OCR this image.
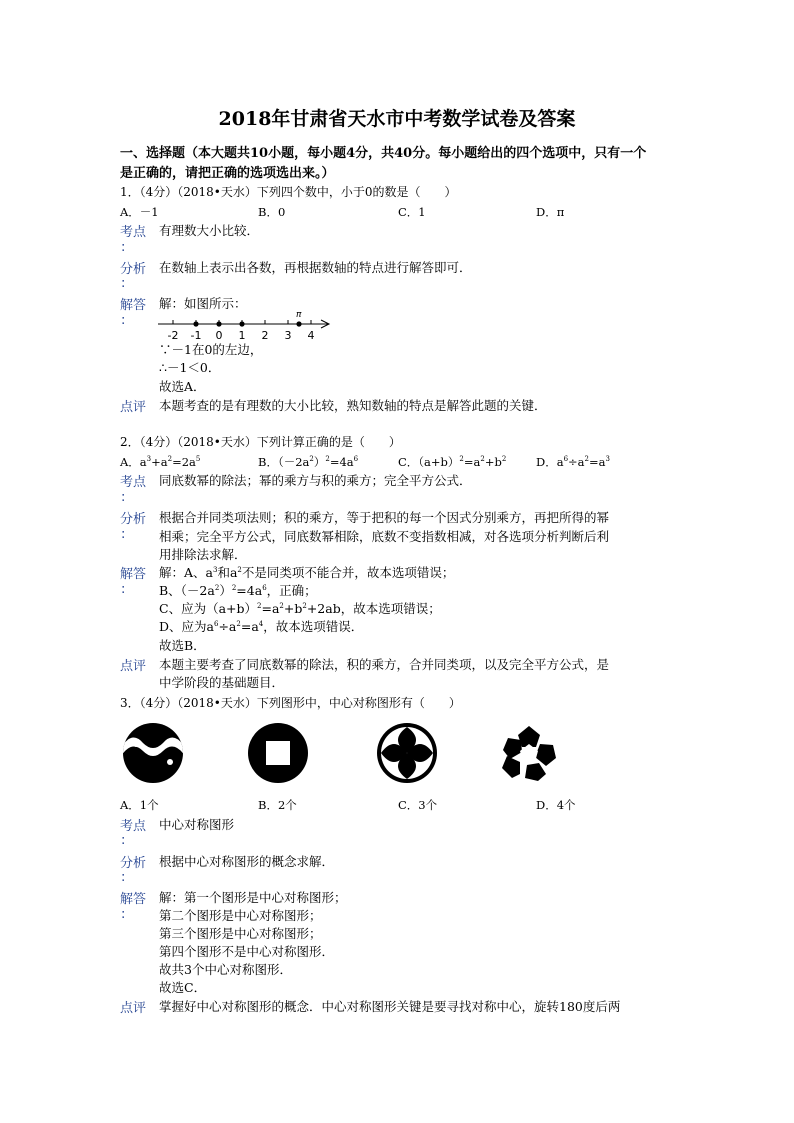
2018年甘肃省天水市中考数学试卷及答案
一、选择题（本大题共10小题，每小题4分，共40分。每小题给出的四个选项中，只有一个
是正确的，请把正确的选项选出来。）
1．（4分）（2018•天水）下列四个数中，小于0的数是（　　）
A．－1	B．0	C．1	D．π
考点 有理数大小比较．
:
分析 在数轴上表示出各数，再根据数轴的特点进行解答即可．
:
解答 解：如图所示：
:
-2 -1 0 1 2 3 4
π
∵－1在0的左边，
∴－1＜0．
故选A．
点评 本题考查的是有理数的大小比较，熟知数轴的特点是解答此题的关键．
2．（4分）（2018•天水）下列计算正确的是（　　）
A．$a^3+a^2=2a^5$	B．$(-2a^2)^2=4a^6$	C．$(a+b)^2=a^2+b^2$	D．$a^6\div a^2=a^3$
考点 同底数幂的除法；幂的乘方与积的乘方；完全平方公式．
:
分析 根据合并同类项法则；积的乘方，等于把积的每一个因式分别乘方，再把所得的幂
:	相乘；完全平方公式，同底数幂相除，底数不变指数相减，对各选项分析判断后利
用排除法求解．
解答 解：A、$a^3$和$a^2$不是同类项不能合并，故本选项错误；
:	B、$(-2a^2)^2=4a^6$，正确；
C、应为$(a+b)^2=a^2+b^2+2ab$，故本选项错误；
D、应为$a^6\div a^2=a^4$，故本选项错误．
故选B．
点评 本题主要考查了同底数幂的除法，积的乘方，合并同类项，以及完全平方公式，是
中学阶段的基础题目．
3．（4分）（2018•天水）下列图形中，中心对称图形有（　　）
A．1个	B．2个	C．3个	D．4个
考点 中心对称图形
:
分析 根据中心对称图形的概念求解．
:
解答 解：第一个图形是中心对称图形；
:	第二个图形是中心对称图形；
第三个图形是中心对称图形；
第四个图形不是中心对称图形．
故共3个中心对称图形．
故选C．
点评 掌握好中心对称图形的概念．中心对称图形关键是要寻找对称中心，旋转180度后两
